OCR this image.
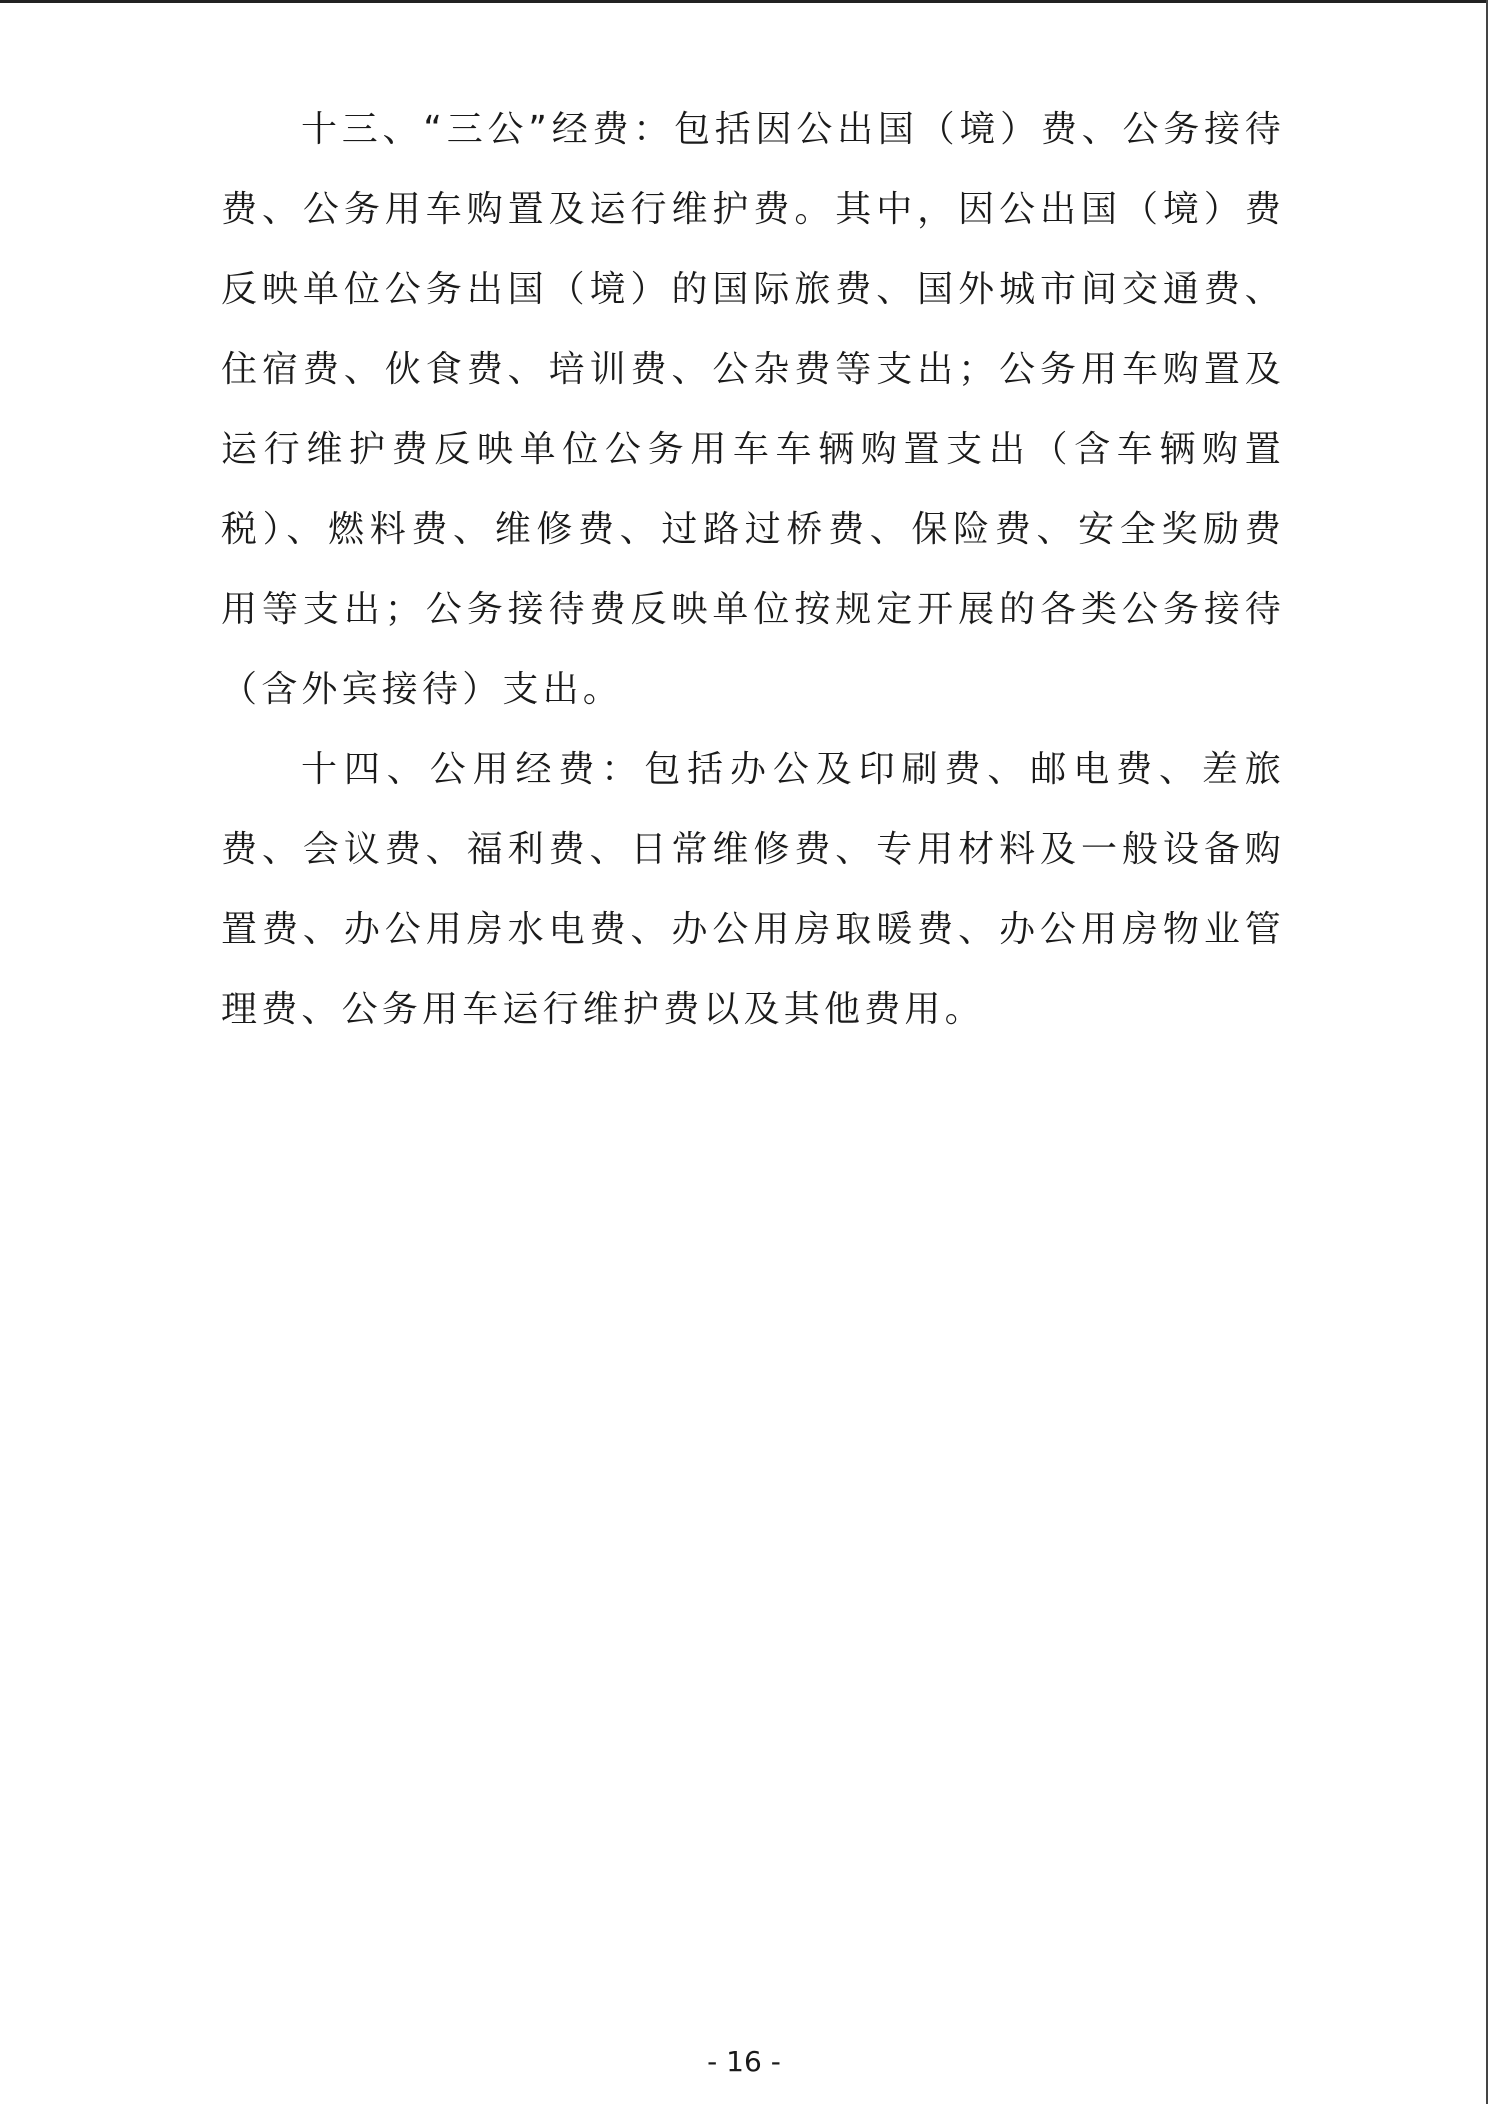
十三、“三公”经费：包括因公出国（境）费、公务接待费、公务用车购置及运行维护费。其中，因公出国（境）费反映单位公务出国（境）的国际旅费、国外城市间交通费、住宿费、伙食费、培训费、公杂费等支出；公务用车购置及运行维护费反映单位公务用车车辆购置支出（含车辆购置税）、燃料费、维修费、过路过桥费、保险费、安全奖励费用等支出；公务接待费反映单位按规定开展的各类公务接待（含外宾接待）支出。

十四、公用经费：包括办公及印刷费、邮电费、差旅费、会议费、福利费、日常维修费、专用材料及一般设备购置费、办公用房水电费、办公用房取暖费、办公用房物业管理费、公务用车运行维护费以及其他费用。

- 16 -
